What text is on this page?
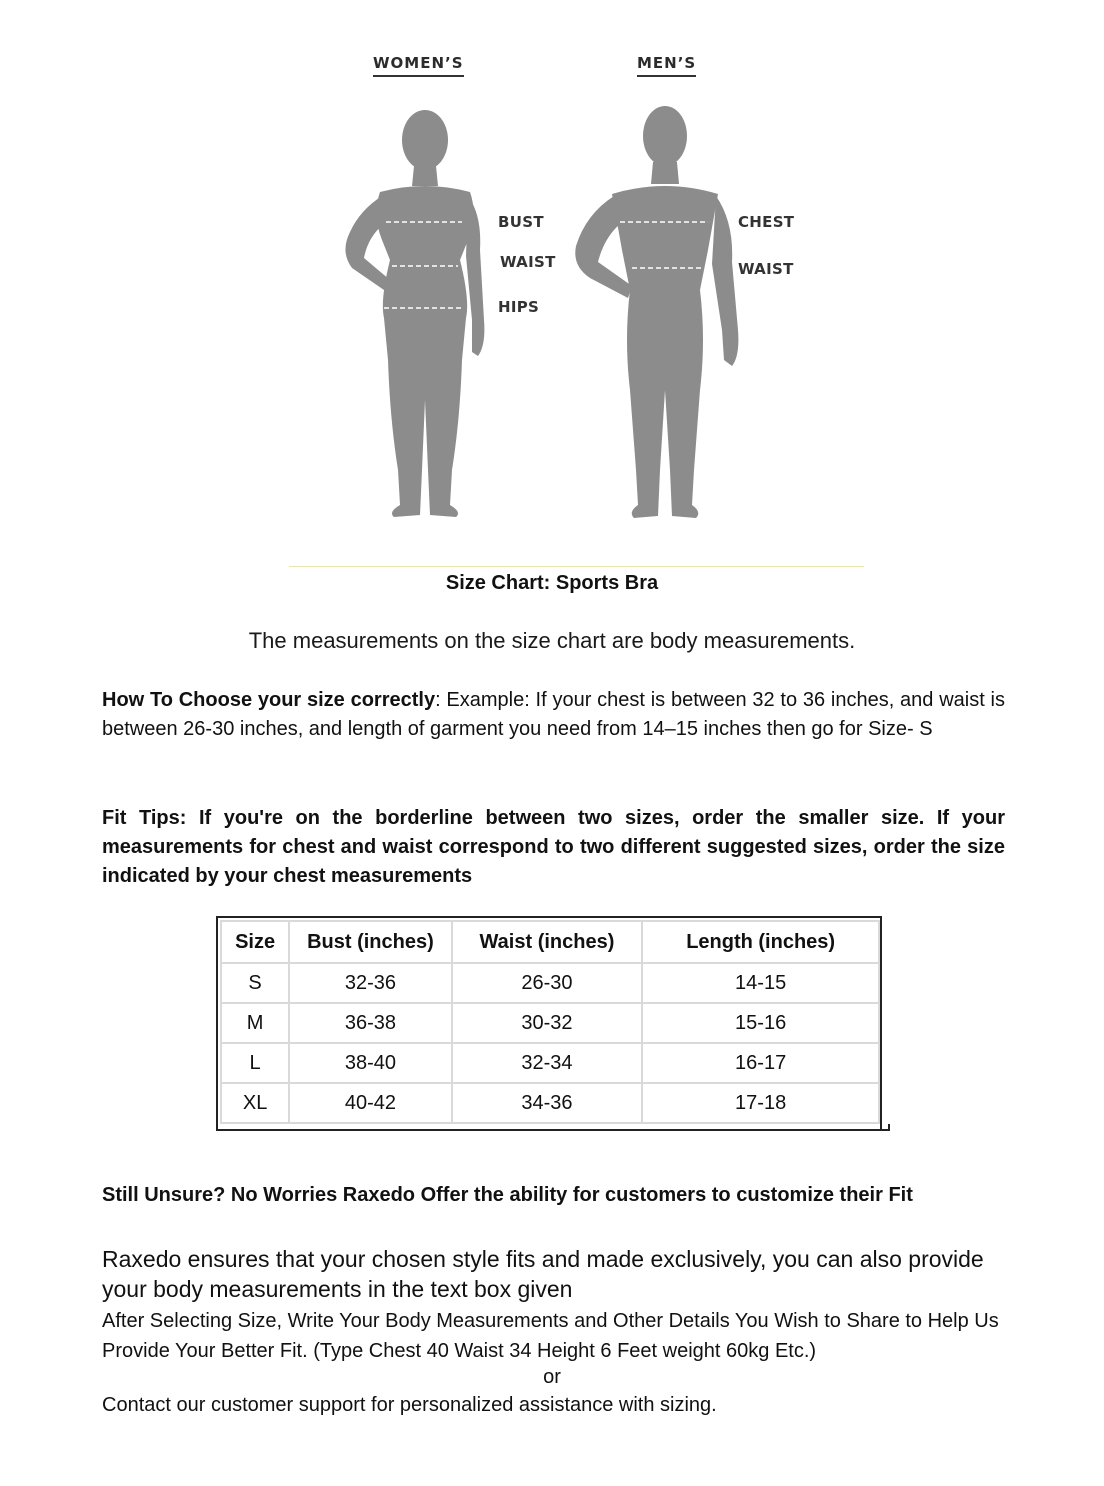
WOMEN’S	MEN’S
BUST
WAIST
HIPS
CHEST
WAIST
Size Chart: Sports Bra
The measurements on the size chart are body measurements.
How To Choose your size correctly: Example: If your chest is between 32 to 36 inches, and waist is between 26-30 inches, and length of garment you need from 14–15 inches then go for Size- S
Fit Tips: If you're on the borderline between two sizes, order the smaller size. If your measurements for chest and waist correspond to two different suggested sizes, order the size indicated by your chest measurements
Size	Bust (inches)	Waist (inches)	Length (inches)
S	32-36	26-30	14-15
M	36-38	30-32	15-16
L	38-40	32-34	16-17
XL	40-42	34-36	17-18
Still Unsure? No Worries Raxedo Offer the ability for customers to customize their Fit
Raxedo ensures that your chosen style fits and made exclusively, you can also provide your body measurements in the text box given
After Selecting Size, Write Your Body Measurements and Other Details You Wish to Share to Help Us Provide Your Better Fit. (Type Chest 40 Waist 34 Height 6 Feet weight 60kg Etc.)
or
Contact our customer support for personalized assistance with sizing.
